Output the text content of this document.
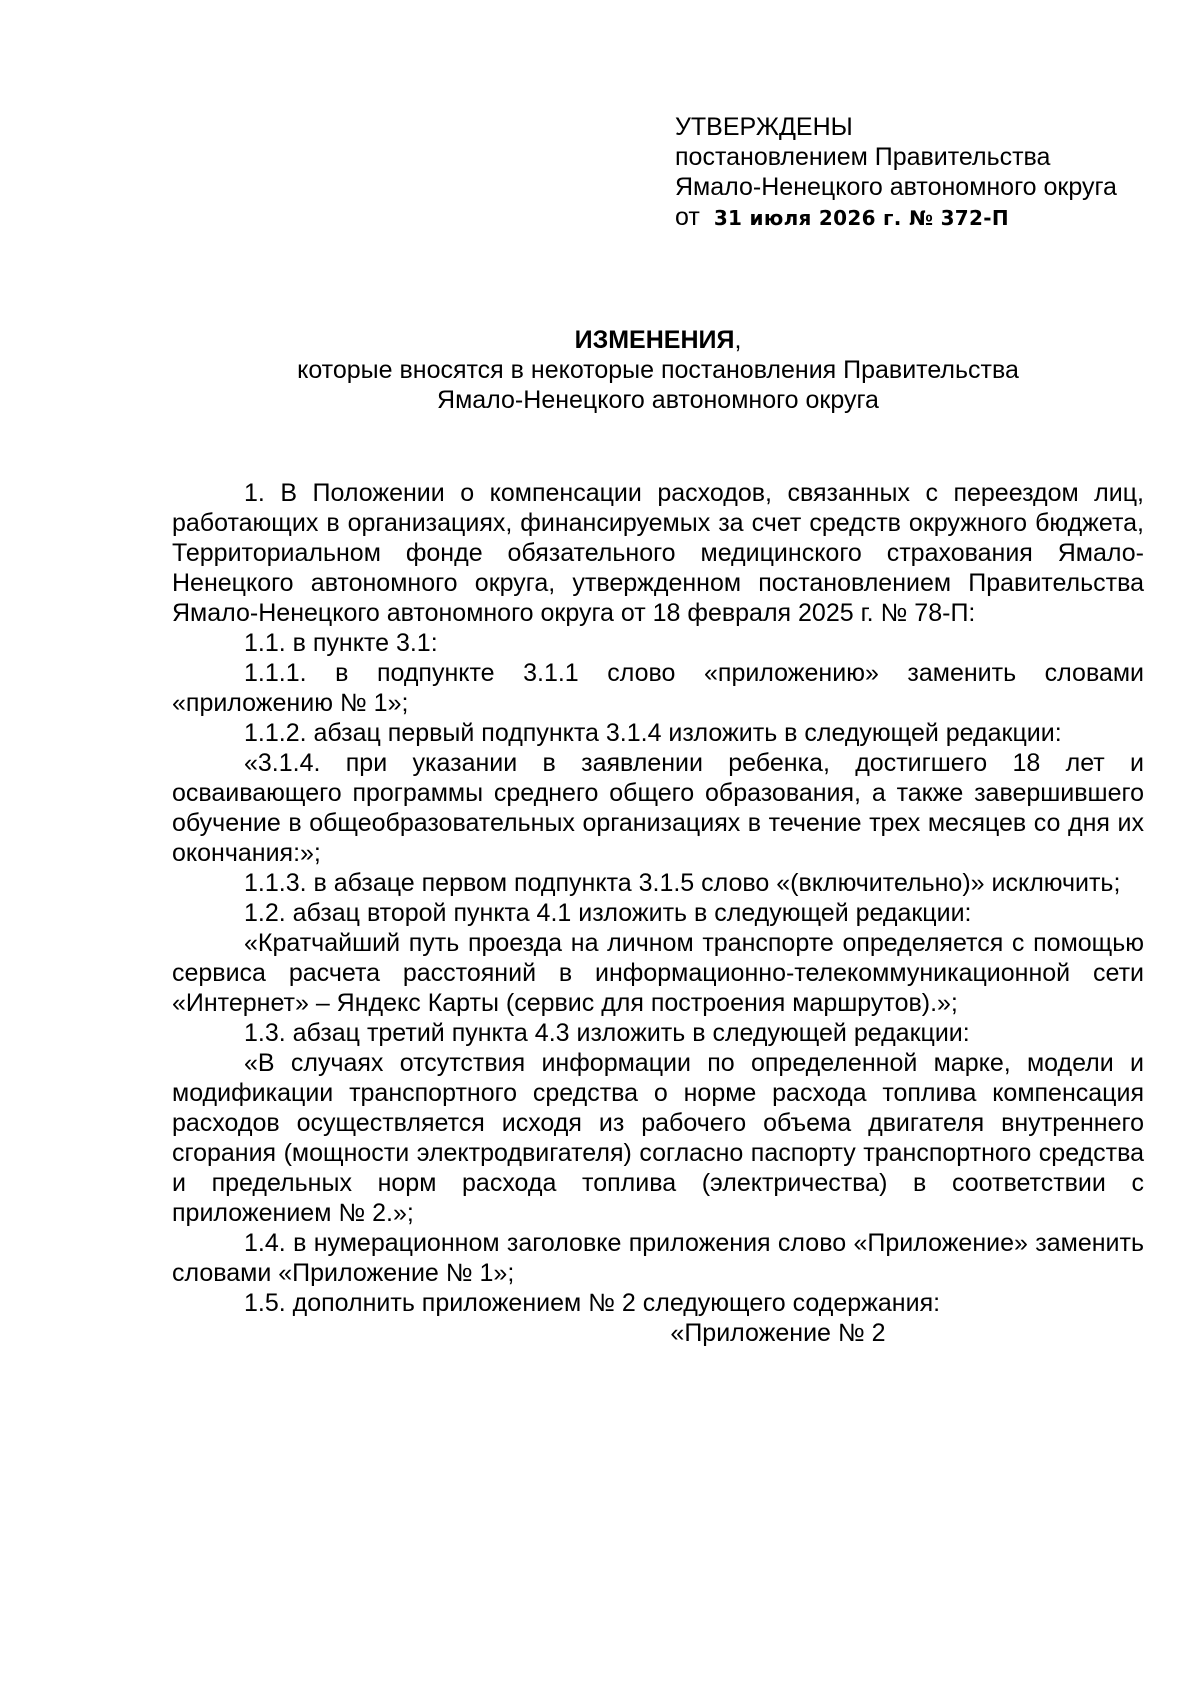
УТВЕРЖДЕНЫ

постановлением Правительства

Ямало-Ненецкого автономного округа

от 31 июля 2026 г. № 372-П

ИЗМЕНЕНИЯ,

которые вносятся в некоторые постановления Правительства

Ямало-Ненецкого автономного округа

1. В Положении о компенсации расходов, связанных с переездом лиц, работающих в организациях, финансируемых за счет средств окружного бюджета, Территориальном фонде обязательного медицинского страхования Ямало-Ненецкого автономного округа, утвержденном постановлением Правительства Ямало-Ненецкого автономного округа от 18 февраля 2025 г. № 78-П:

1.1. в пункте 3.1:

1.1.1. в подпункте 3.1.1 слово «приложению» заменить словами «приложению № 1»;

1.1.2. абзац первый подпункта 3.1.4 изложить в следующей редакции:

«3.1.4. при указании в заявлении ребенка, достигшего 18 лет и осваивающего программы среднего общего образования, а также завершившего обучение в общеобразовательных организациях в течение трех месяцев со дня их окончания:»;

1.1.3. в абзаце первом подпункта 3.1.5 слово «(включительно)» исключить;

1.2. абзац второй пункта 4.1 изложить в следующей редакции:

«Кратчайший путь проезда на личном транспорте определяется с помощью сервиса расчета расстояний в информационно-телекоммуникационной сети «Интернет» – Яндекс Карты (сервис для построения маршрутов).»;

1.3. абзац третий пункта 4.3 изложить в следующей редакции:

«В случаях отсутствия информации по определенной марке, модели и модификации транспортного средства о норме расхода топлива компенсация расходов осуществляется исходя из рабочего объема двигателя внутреннего сгорания (мощности электродвигателя) согласно паспорту транспортного средства и предельных норм расхода топлива (электричества) в соответствии с приложением № 2.»;

1.4. в нумерационном заголовке приложения слово «Приложение» заменить словами «Приложение № 1»;

1.5. дополнить приложением № 2 следующего содержания:

«Приложение № 2
